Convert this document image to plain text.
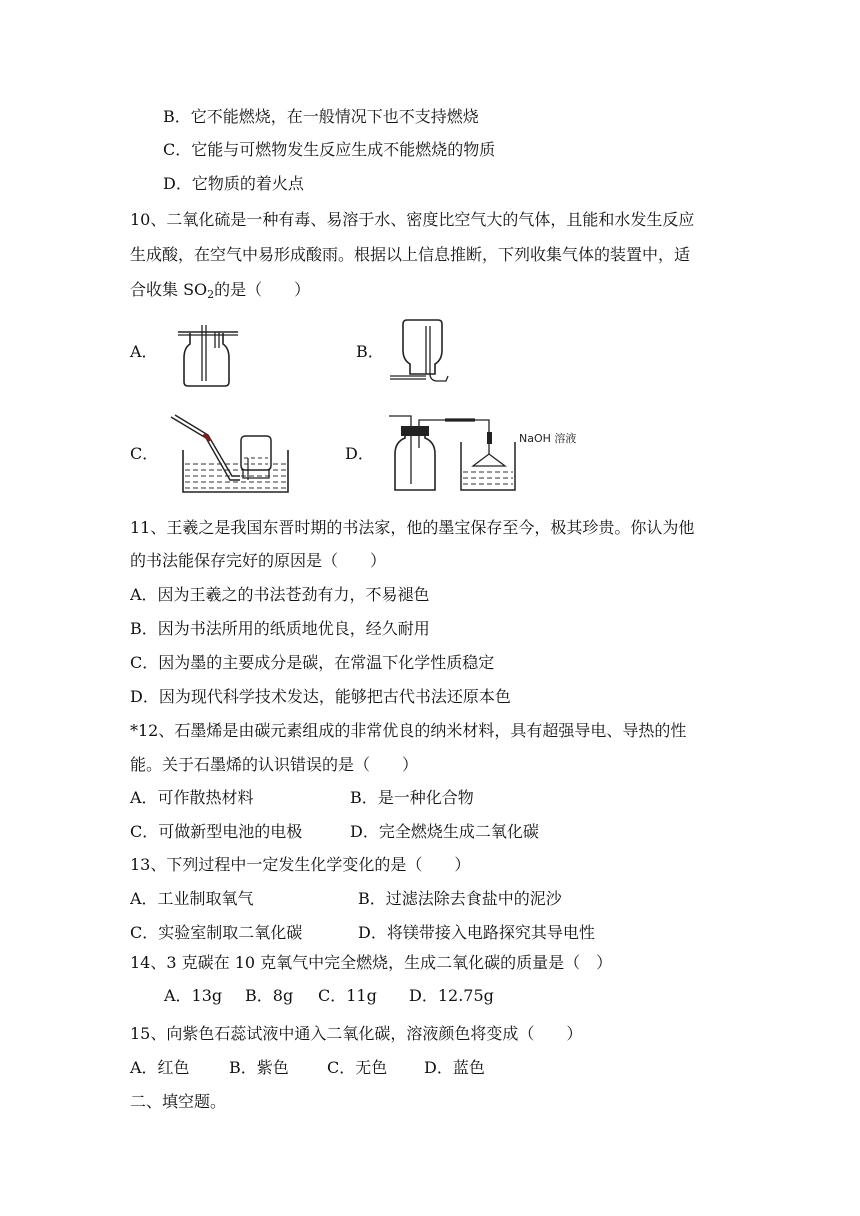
B．它不能燃烧，在一般情况下也不支持燃烧
C．它能与可燃物发生反应生成不能燃烧的物质
D．它物质的着火点
10、二氧化硫是一种有毒、易溶于水、密度比空气大的气体，且能和水发生反应
生成酸，在空气中易形成酸雨。根据以上信息推断，下列收集气体的装置中，适
合收集 $SO_2$的是（　　）
A．	B．
C．	D．
NaOH 溶液
11、王羲之是我国东晋时期的书法家，他的墨宝保存至今，极其珍贵。你认为他
的书法能保存完好的原因是（　　）
A．因为王羲之的书法苍劲有力，不易褪色
B．因为书法所用的纸质地优良，经久耐用
C．因为墨的主要成分是碳，在常温下化学性质稳定
D．因为现代科学技术发达，能够把古代书法还原本色
*12、石墨烯是由碳元素组成的非常优良的纳米材料，具有超强导电、导热的性
能。关于石墨烯的认识错误的是（　　）
A．可作散热材料	B．是一种化合物
C．可做新型电池的电极	D．完全燃烧生成二氧化碳
13、下列过程中一定发生化学变化的是（　　）
A．工业制取氧气	B．过滤法除去食盐中的泥沙
C．实验室制取二氧化碳	D．将镁带接入电路探究其导电性
14、3 克碳在 10 克氧气中完全燃烧，生成二氧化碳的质量是（　）
A．13g B．8g C．11g D．12.75g
15、向紫色石蕊试液中通入二氧化碳，溶液颜色将变成（　　）
A．红色 B．紫色 C．无色 D．蓝色
二、填空题。
